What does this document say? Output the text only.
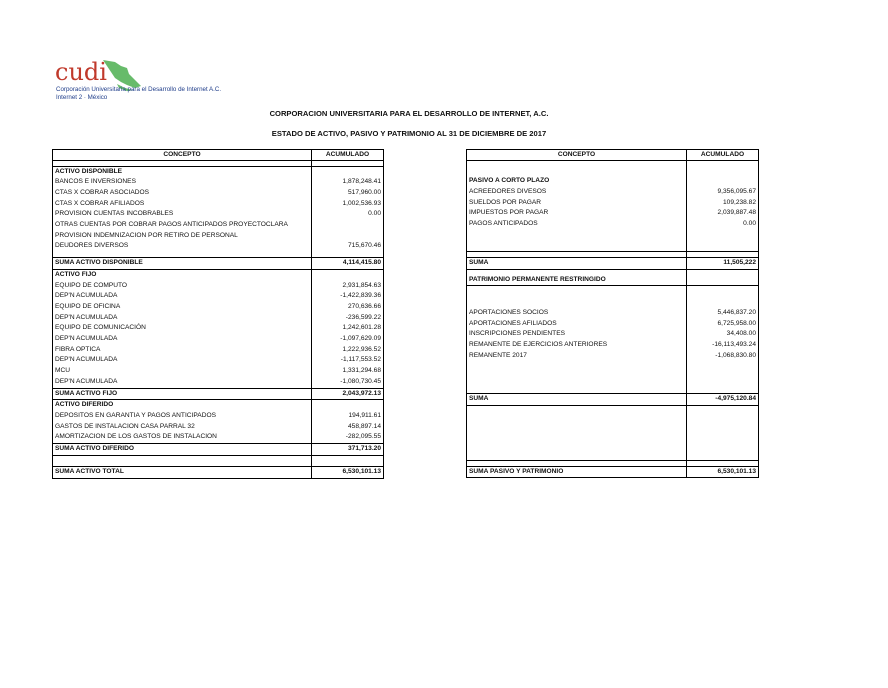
cudi
Corporación Universitaria para el Desarrollo de Internet A.C.
Internet 2 · México
CORPORACION UNIVERSITARIA PARA EL DESARROLLO DE INTERNET, A.C.
ESTADO DE ACTIVO, PASIVO Y PATRIMONIO AL 31 DE DICIEMBRE DE 2017
CONCEPTO	ACUMULADO

ACTIVO DISPONIBLE	
BANCOS E INVERSIONES	1,878,248.41
CTAS X COBRAR ASOCIADOS	517,960.00
CTAS X COBRAR AFILIADOS	1,002,536.93
PROVISION CUENTAS INCOBRABLES	0.00
OTRAS CUENTAS POR COBRAR PAGOS ANTICIPADOS PROYECTOCLARA	
PROVISION INDEMNIZACION POR RETIRO DE PERSONAL	
DEUDORES DIVERSOS	715,670.46

SUMA ACTIVO DISPONIBLE	4,114,415.80
ACTIVO FIJO	
EQUIPO DE COMPUTO	2,931,854.63
DEP'N ACUMULADA	-1,422,839.36
EQUIPO DE OFICINA	270,636.66
DEP'N ACUMULADA	-236,599.22
EQUIPO DE COMUNICACIÓN	1,242,601.28
DEP'N ACUMULADA	-1,097,629.09
FIBRA OPTICA	1,222,936.52
DEP'N ACUMULADA	-1,117,553.52
MCU	1,331,294.68
DEP'N ACUMULADA	-1,080,730.45
SUMA ACTIVO FIJO	2,043,972.13
ACTIVO DIFERIDO	
DEPOSITOS EN GARANTIA Y PAGOS ANTICIPADOS	194,911.61
GASTOS DE INSTALACION CASA PARRAL 32	458,897.14
AMORTIZACION DE LOS GASTOS DE INSTALACION	-282,095.55
SUMA ACTIVO DIFERIDO	371,713.20

SUMA ACTIVO TOTAL	6,530,101.13
CONCEPTO	ACUMULADO

PASIVO A CORTO PLAZO	
ACREEDORES DIVESOS	9,356,095.67
SUELDOS POR PAGAR	109,238.82
IMPUESTOS POR PAGAR	2,039,887.48
PAGOS ANTICIPADOS	0.00

SUMA	11,505,222

PATRIMONIO PERMANENTE RESTRINGIDO	

APORTACIONES SOCIOS	5,446,837.20
APORTACIONES AFILIADOS	6,725,958.00
INSCRIPCIONES PENDIENTES	34,408.00
REMANENTE DE EJERCICIOS ANTERIORES	-16,113,493.24
REMANENTE 2017	-1,068,830.80

SUMA	-4,975,120.84

SUMA PASIVO Y PATRIMONIO	6,530,101.13
